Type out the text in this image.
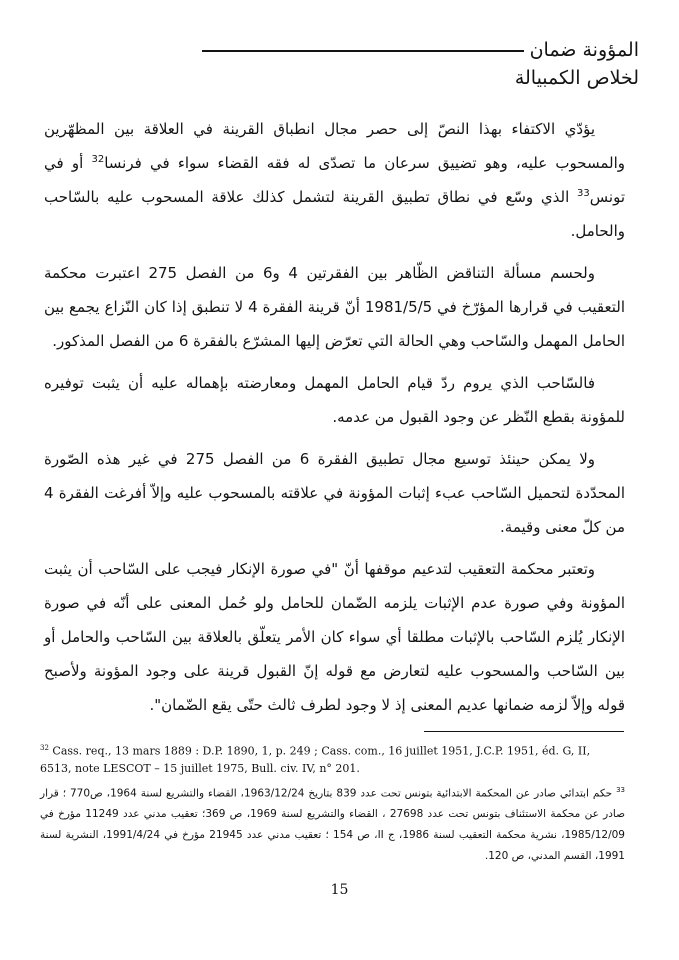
المؤونة ضمان
لخلاص الكمبيالة

يؤدّي الاكتفاء بهذا النصّ إلى حصر مجال انطباق القرينة في العلاقة بين المظهّرين والمسحوب عليه، وهو تضييق سرعان ما تصدّى له فقه القضاء سواء في فرنسا$^{32}$ أو في تونس$^{33}$ الذي وسّع في نطاق تطبيق القرينة لتشمل كذلك علاقة المسحوب عليه بالسّاحب والحامل.

ولحسم مسألة التناقض الظّاهر بين الفقرتين 4 و6 من الفصل 275 اعتبرت محكمة التعقيب في قرارها المؤرّخ في 1981/5/5 أنّ قرينة الفقرة 4 لا تنطبق إذا كان النّزاع يجمع بين الحامل المهمل والسّاحب وهي الحالة التي تعرّض إليها المشرّع بالفقرة 6 من الفصل المذكور.

فالسّاحب الذي يروم ردّ قيام الحامل المهمل ومعارضته بإهماله عليه أن يثبت توفيره للمؤونة بقطع النّظر عن وجود القبول من عدمه.

ولا يمكن حينئذ توسيع مجال تطبيق الفقرة 6 من الفصل 275 في غير هذه الصّورة المحدّدة لتحميل السّاحب عبء إثبات المؤونة في علاقته بالمسحوب عليه وإلاّ أفرغت الفقرة 4 من كلّ معنى وقيمة.

وتعتبر محكمة التعقيب لتدعيم موقفها أنّ "في صورة الإنكار فيجب على السّاحب أن يثبت المؤونة وفي صورة عدم الإثبات يلزمه الضّمان للحامل ولو حُمل المعنى على أنّه في صورة الإنكار يُلزم السّاحب بالإثبات مطلقا أي سواء كان الأمر يتعلّق بالعلاقة بين السّاحب والحامل أو بين السّاحب والمسحوب عليه لتعارض مع قوله إنّ القبول قرينة على وجود المؤونة ولأصبح قوله وإلاّ لزمه ضمانها عديم المعنى إذ لا وجود لطرف ثالث حتّى يقع الضّمان".

$^{32}$ Cass. req., 13 mars 1889 : D.P. 1890, 1, p. 249 ; Cass. com., 16 juillet 1951, J.C.P. 1951, éd. G, II, 6513, note LESCOT – 15 juillet 1975, Bull. civ. IV, n° 201.

$^{33}$ حكم ابتدائي صادر عن المحكمة الابتدائية بتونس تحت عدد 839 بتاريخ 1963/12/24، القضاء والتشريع لسنة 1964، ص770 ؛ قرار صادر عن محكمة الاستئناف بتونس تحت عدد 27698 ، القضاء والتشريع لسنة 1969، ص 369؛ تعقيب مدني عدد 11249 مؤرخ في 1985/12/09، نشرية محكمة التعقيب لسنة 1986، ج II، ص 154 ؛ تعقيب مدني عدد 21945 مؤرخ في 1991/4/24، النشرية لسنة 1991، القسم المدني، ص 120.

15
